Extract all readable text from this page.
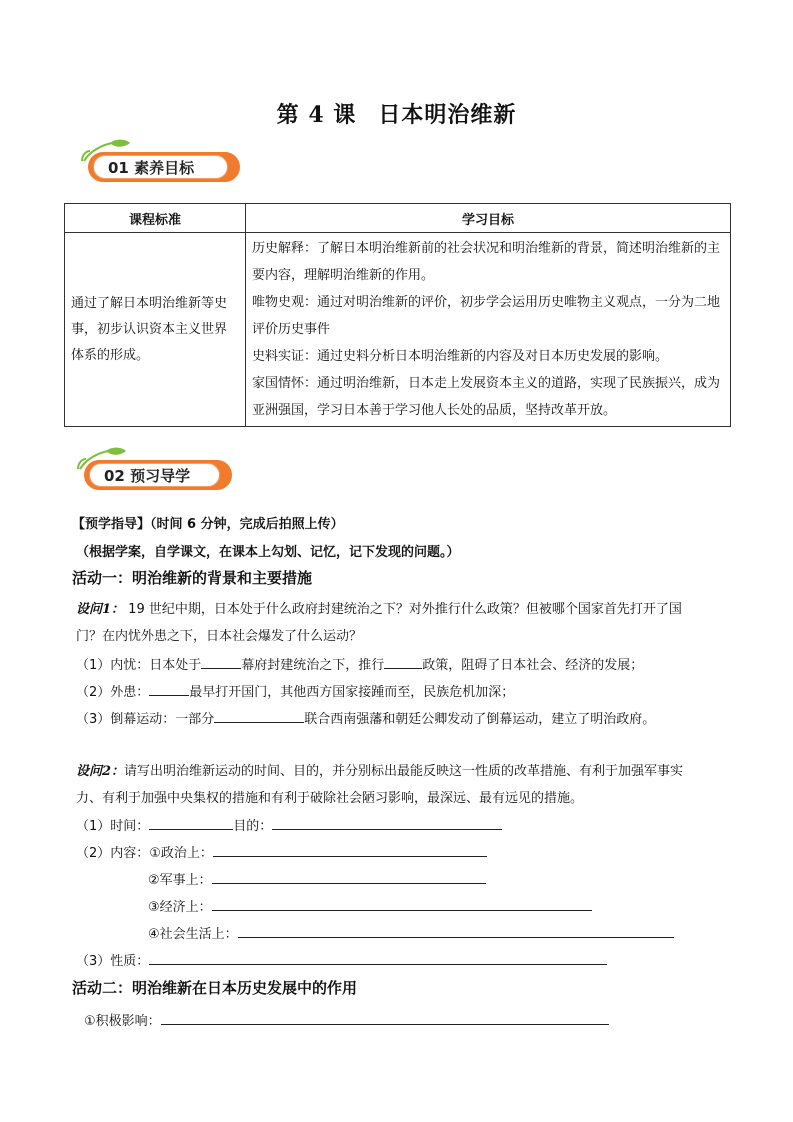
第 4 课 日本明治维新
01 素养目标
课程标准	学习目标
通过了解日本明治维新等史事，初步认识资本主义世界体系的形成。	历史解释：了解日本明治维新前的社会状况和明治维新的背景，简述明治维新的主要内容，理解明治维新的作用。
唯物史观：通过对明治维新的评价，初步学会运用历史唯物主义观点，一分为二地评价历史事件
史料实证：通过史料分析日本明治维新的内容及对日本历史发展的影响。
家国情怀：通过明治维新，日本走上发展资本主义的道路，实现了民族振兴，成为亚洲强国，学习日本善于学习他人长处的品质，坚持改革开放。
02 预习导学
【预学指导】（时间 6 分钟，完成后拍照上传）
（根据学案，自学课文，在课本上勾划、记忆，记下发现的问题。）
活动一：明治维新的背景和主要措施
设问1： 19 世纪中期，日本处于什么政府封建统治之下？对外推行什么政策？但被哪个国家首先打开了国
门？在内忧外患之下，日本社会爆发了什么运动？
（1）内忧：日本处于	幕府封建统治之下，推行	政策，阻碍了日本社会、经济的发展；
（2）外患：	最早打开国门，其他西方国家接踵而至，民族危机加深；
（3）倒幕运动：一部分	联合西南强藩和朝廷公卿发动了倒幕运动，建立了明治政府。
设问2：请写出明治维新运动的时间、目的，并分别标出最能反映这一性质的改革措施、有利于加强军事实
力、有利于加强中央集权的措施和有利于破除社会陋习影响，最深远、最有远见的措施。
（1）时间：	目的：
（2）内容：①政治上：
②军事上：
③经济上：
④社会生活上：
（3）性质：
活动二：明治维新在日本历史发展中的作用
①积极影响：
